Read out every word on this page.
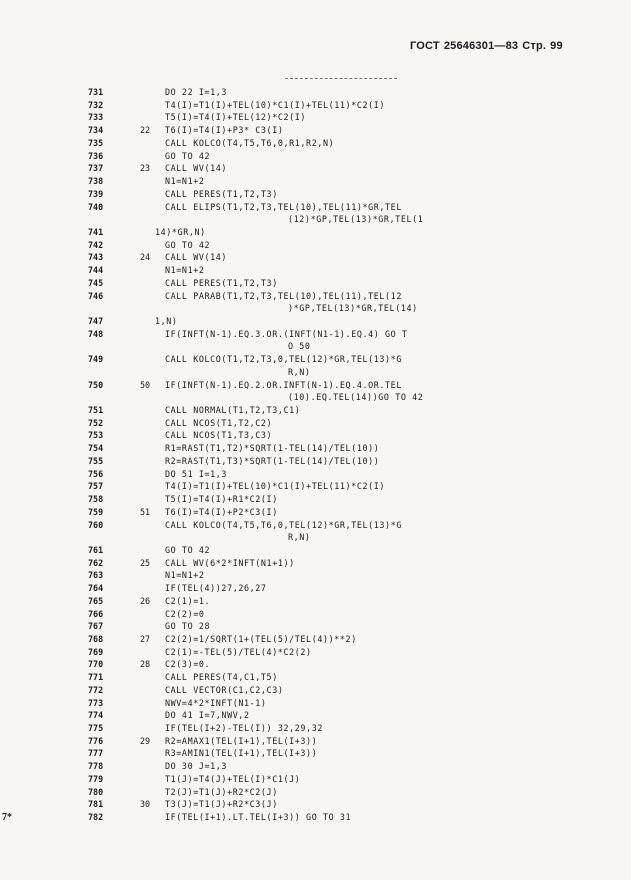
ГОСТ 25646301—83 Стр. 99
731	DO 22 I=1,3
732	T4(I)=T1(I)+TEL(10)*C1(I)+TEL(11)*C2(I)
733	T5(I)=T4(I)+TEL(12)*C2(I)
734	22	T6(I)=T4(I)+P3* C3(I)
735	CALL KOLCO(T4,T5,T6,0,R1,R2,N)
736	GO TO 42
737	23	CALL WV(14)
738	N1=N1+2
739	CALL PERES(T1,T2,T3)
740	CALL ELIPS(T1,T2,T3,TEL(10),TEL(11)*GR,TEL
(12)*GP,TEL(13)*GR,TEL(1
741	14)*GR,N)
742	GO TO 42
743	24	CALL WV(14)
744	N1=N1+2
745	CALL PERES(T1,T2,T3)
746	CALL PARAB(T1,T2,T3,TEL(10),TEL(11),TEL(12
)*GP,TEL(13)*GR,TEL(14)
747	1,N)
748	IF(INFT(N-1).EQ.3.OR.(INFT(N1-1).EQ.4) GO T
O 50
749	CALL KOLCO(T1,T2,T3,0,TEL(12)*GR,TEL(13)*G
R,N)
750	50	IF(INFT(N-1).EQ.2.OR.INFT(N-1).EQ.4.OR.TEL
(10).EQ.TEL(14))GO TO 42
751	CALL NORMAL(T1,T2,T3,C1)
752	CALL NCOS(T1,T2,C2)
753	CALL NCOS(T1,T3,C3)
754	R1=RAST(T1,T2)*SQRT(1-TEL(14)/TEL(10))
755	R2=RAST(T1,T3)*SQRT(1-TEL(14)/TEL(10))
756	DO 51 I=1,3
757	T4(I)=T1(I)+TEL(10)*C1(I)+TEL(11)*C2(I)
758	T5(I)=T4(I)+R1*C2(I)
759	51	T6(I)=T4(I)+P2*C3(I)
760	CALL KOLCO(T4,T5,T6,0,TEL(12)*GR,TEL(13)*G
R,N)
761	GO TO 42
762	25	CALL WV(6*2*INFT(N1+1))
763	N1=N1+2
764	IF(TEL(4))27,26,27
765	26	C2(1)=1.
766	C2(2)=0
767	GO TO 28
768	27	C2(2)=1/SQRT(1+(TEL(5)/TEL(4))**2)
769	C2(1)=-TEL(5)/TEL(4)*C2(2)
770	28	C2(3)=0.
771	CALL PERES(T4,C1,T5)
772	CALL VECTOR(C1,C2,C3)
773	NWV=4*2*INFT(N1-1)
774	DO 41 I=7,NWV,2
775	IF(TEL(I+2)-TEL(I)) 32,29,32
776	29	R2=AMAX1(TEL(I+1),TEL(I+3))
777	R3=AMIN1(TEL(I+1),TEL(I+3))
778	DO 30 J=1,3
779	T1(J)=T4(J)+TEL(I)*C1(J)
780	T2(J)=T1(J)+R2*C2(J)
781	30	T3(J)=T1(J)+R2*C3(J)
782	IF(TEL(I+1).LT.TEL(I+3)) GO TO 31
7*
